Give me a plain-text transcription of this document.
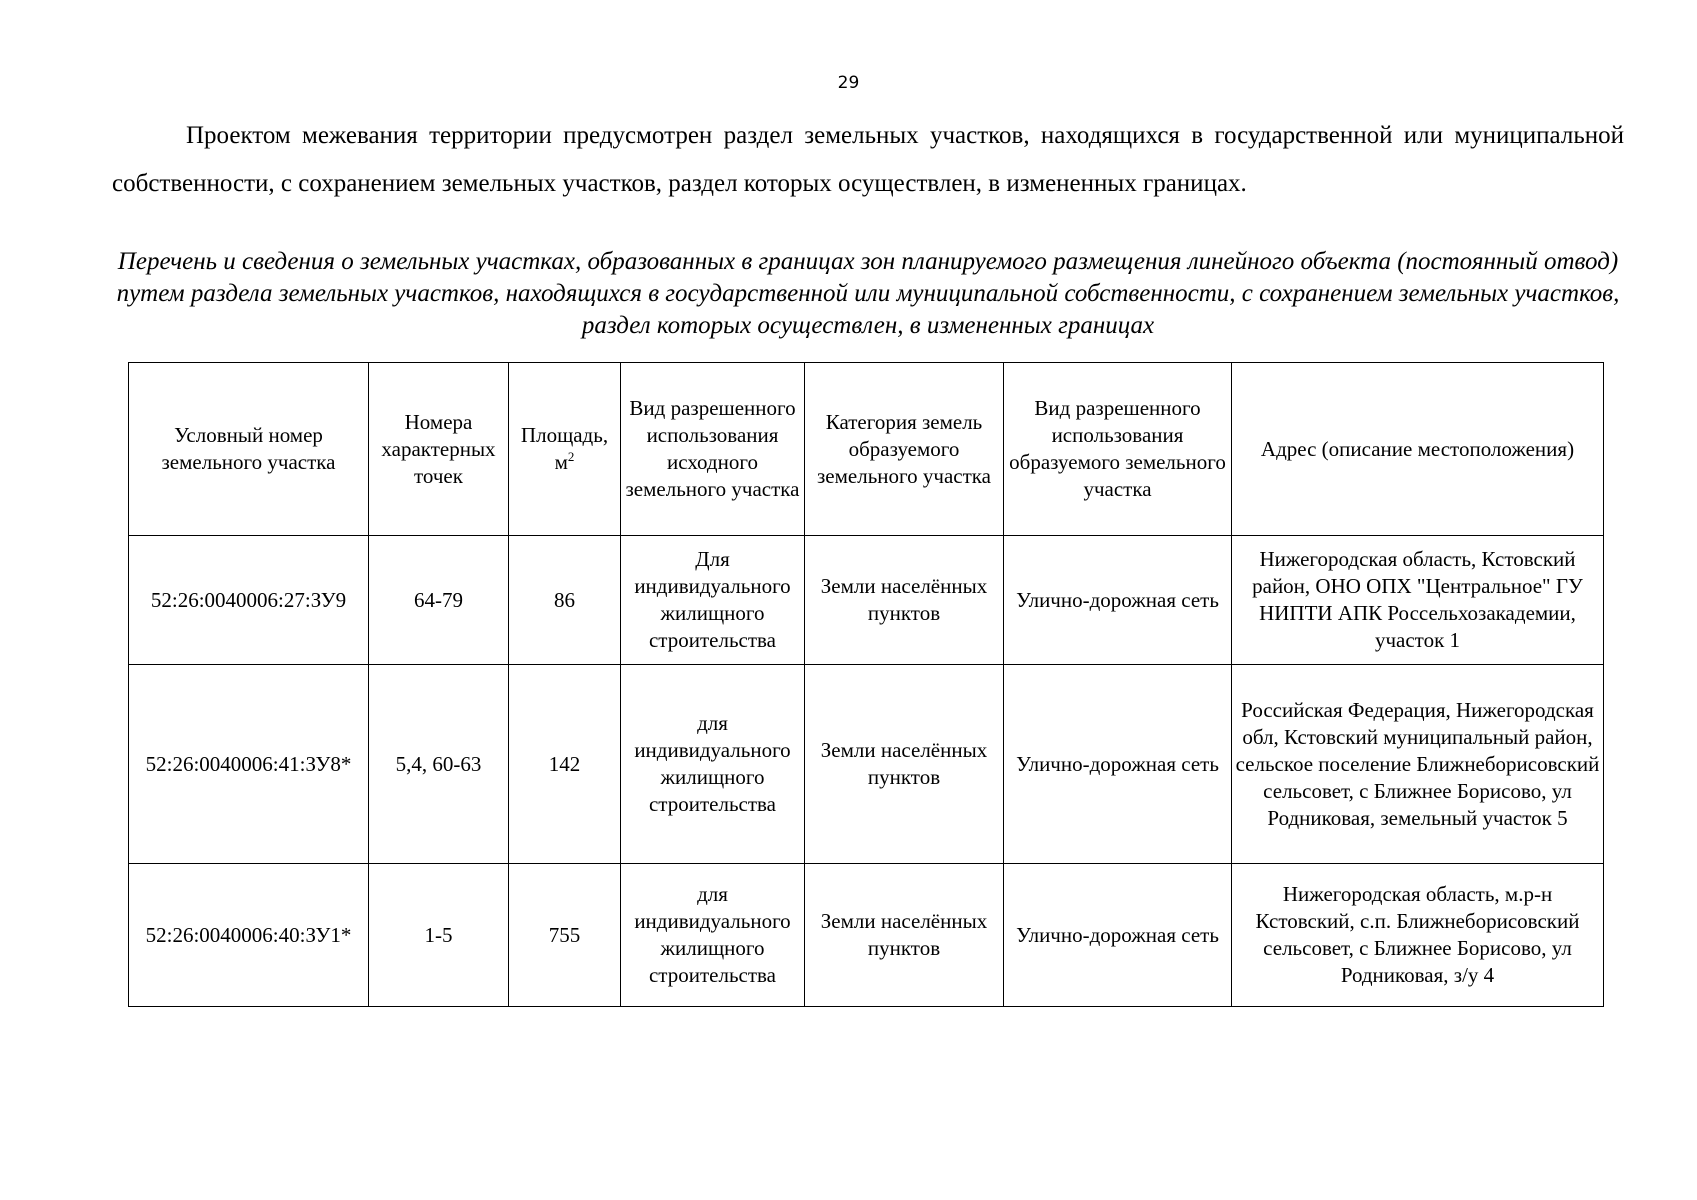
29

Проектом межевания территории предусмотрен раздел земельных участков, находящихся в государственной или муниципальной собственности, с сохранением земельных участков, раздел которых осуществлен, в измененных границах.

Перечень и сведения о земельных участках, образованных в границах зон планируемого размещения линейного объекта (постоянный отвод) путем раздела земельных участков, находящихся в государственной или муниципальной собственности, с сохранением земельных участков, раздел которых осуществлен, в измененных границах

Условный номер земельного участка	Номера характерных точек	Площадь, $м^2$	Вид разрешенного использования исходного земельного участка	Категория земель образуемого земельного участка	Вид разрешенного использования образуемого земельного участка	Адрес (описание местоположения)
52:26:0040006:27:ЗУ9	64-79	86	Для индивидуального жилищного строительства	Земли населённых пунктов	Улично-дорожная сеть	Нижегородская область, Кстовский район, ОНО ОПХ "Центральное" ГУ НИПТИ АПК Россельхозакадемии, участок 1
52:26:0040006:41:ЗУ8*	5,4, 60-63	142	для индивидуального жилищного строительства	Земли населённых пунктов	Улично-дорожная сеть	Российская Федерация, Нижегородская обл, Кстовский муниципальный район, сельское поселение Ближнеборисовский сельсовет, с Ближнее Борисово, ул Родниковая, земельный участок 5
52:26:0040006:40:ЗУ1*	1-5	755	для индивидуального жилищного строительства	Земли населённых пунктов	Улично-дорожная сеть	Нижегородская область, м.р-н Кстовский, с.п. Ближнеборисовский сельсовет, с Ближнее Борисово, ул Родниковая, з/у 4
